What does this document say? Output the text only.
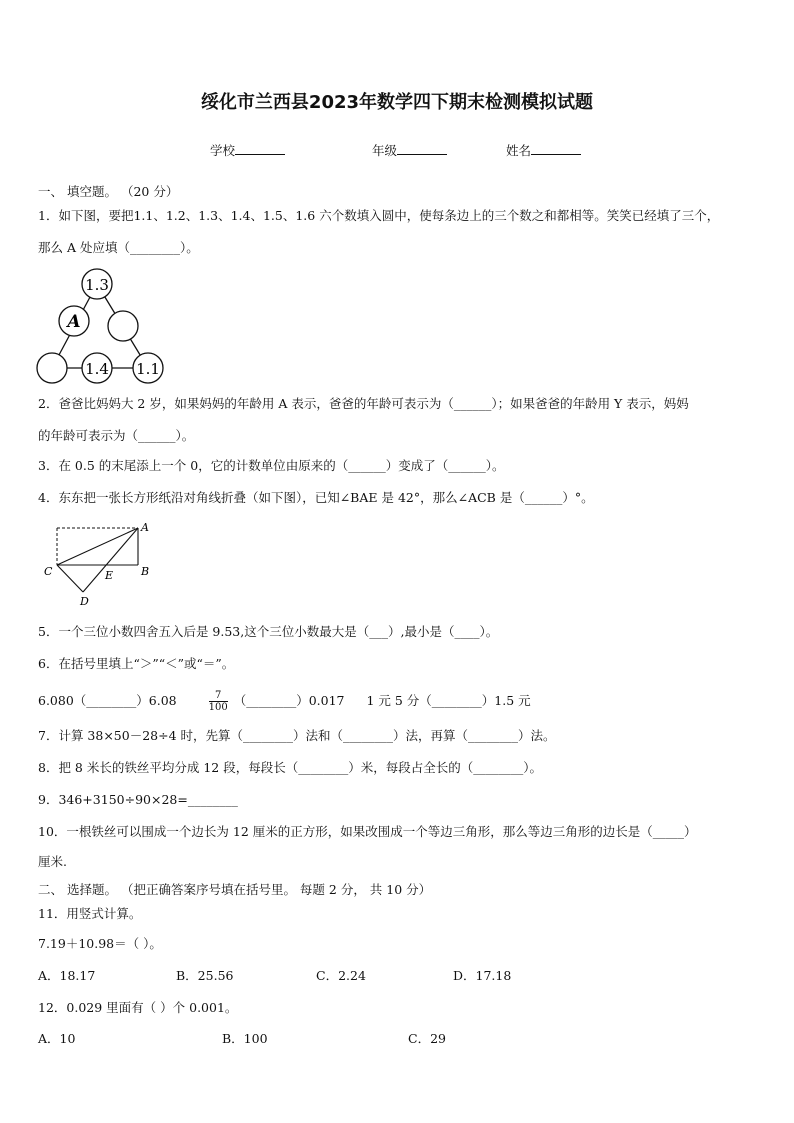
绥化市兰西县2023年数学四下期末检测模拟试题
学校	年级	姓名
一、 填空题。 （20 分）
1．如下图，要把1.1、1.2、1.3、1.4、1.5、1.6 六个数填入圆中，使每条边上的三个数之和都相等。笑笑已经填了三个，
那么 A 处应填（________）。
1.3
A
1.4 1.1
2．爸爸比妈妈大 2 岁，如果妈妈的年龄用 A 表示，爸爸的年龄可表示为（______）；如果爸爸的年龄用 Y 表示，妈妈
的年龄可表示为（______）。
3．在 0.5 的末尾添上一个 0，它的计数单位由原来的（______）变成了（______）。
4．东东把一张长方形纸沿对角线折叠（如下图），已知∠BAE 是 42°，那么∠ACB 是（______）°。
A
B
C
D
E
5．一个三位小数四舍五入后是 9.53,这个三位小数最大是（___）,最小是（____）。
6．在括号里填上“＞”“＜”或“＝”。
6.080（________）6.08	$\frac{7}{100}$ （________）0.017 1 元 5 分（________）1.5 元
7．计算 38×50－28÷4 时，先算（________）法和（________）法，再算（________）法。
8．把 8 米长的铁丝平均分成 12 段，每段长（________）米，每段占全长的（________）。
9．346+3150÷90×28=________
10．一根铁丝可以围成一个边长为 12 厘米的正方形，如果改围成一个等边三角形，那么等边三角形的边长是（_____）
厘米.
二、 选择题。 （把正确答案序号填在括号里。 每题 2 分， 共 10 分）
11．用竖式计算。
7.19＋10.98＝（ ）。
A．18.17	B．25.56	C．2.24	D．17.18
12．0.029 里面有（ ）个 0.001。
A．10	B．100	C．29
